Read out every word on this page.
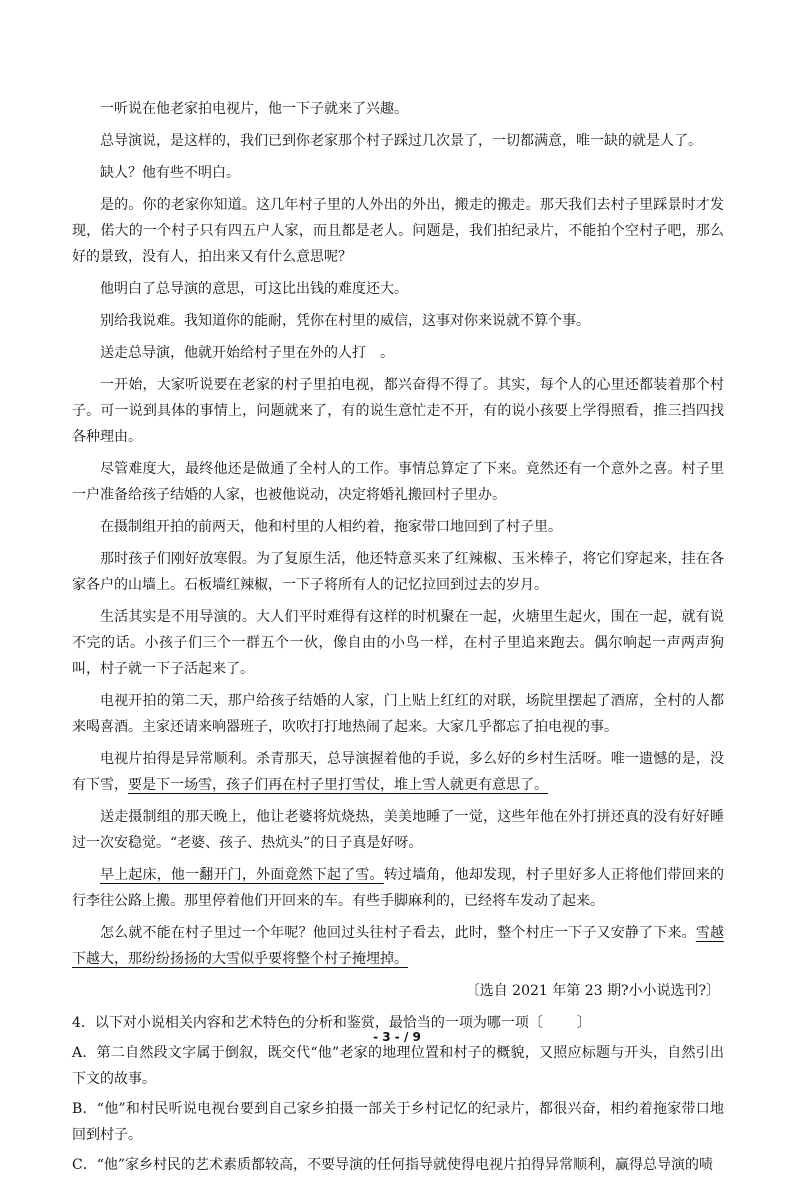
一听说在他老家拍电视片，他一下子就来了兴趣。

总导演说，是这样的，我们已到你老家那个村子踩过几次景了，一切都满意，唯一缺的就是人了。

缺人？他有些不明白。

是的。你的老家你知道。这几年村子里的人外出的外出，搬走的搬走。那天我们去村子里踩景时才发现，偌大的一个村子只有四五户人家，而且都是老人。问题是，我们拍纪录片，不能拍个空村子吧，那么好的景致，没有人，拍出来又有什么意思呢？

他明白了总导演的意思，可这比出钱的难度还大。

别给我说难。我知道你的能耐，凭你在村里的威信，这事对你来说就不算个事。

送走总导演，他就开始给村子里在外的人打　。

一开始，大家听说要在老家的村子里拍电视，都兴奋得不得了。其实，每个人的心里还都装着那个村子。可一说到具体的事情上，问题就来了，有的说生意忙走不开，有的说小孩要上学得照看，推三挡四找各种理由。

尽管难度大，最终他还是做通了全村人的工作。事情总算定了下来。竟然还有一个意外之喜。村子里一户准备给孩子结婚的人家，也被他说动，决定将婚礼搬回村子里办。

在摄制组开拍的前两天，他和村里的人相约着，拖家带口地回到了村子里。

那时孩子们刚好放寒假。为了复原生活，他还特意买来了红辣椒、玉米棒子，将它们穿起来，挂在各家各户的山墙上。石板墙红辣椒，一下子将所有人的记忆拉回到过去的岁月。

生活其实是不用导演的。大人们平时难得有这样的时机聚在一起，火塘里生起火，围在一起，就有说不完的话。小孩子们三个一群五个一伙，像自由的小鸟一样，在村子里追来跑去。偶尔响起一声两声狗叫，村子就一下子活起来了。

电视开拍的第二天，那户给孩子结婚的人家，门上贴上红红的对联，场院里摆起了酒席，全村的人都来喝喜酒。主家还请来响器班子，吹吹打打地热闹了起来。大家几乎都忘了拍电视的事。

电视片拍得是异常顺利。杀青那天，总导演握着他的手说，多么好的乡村生活呀。唯一遗憾的是，没有下雪，要是下一场雪，孩子们再在村子里打雪仗，堆上雪人就更有意思了。

送走摄制组的那天晚上，他让老婆将炕烧热，美美地睡了一觉，这些年他在外打拼还真的没有好好睡过一次安稳觉。“老婆、孩子、热炕头”的日子真是好呀。

早上起床，他一翻开门，外面竟然下起了雪。转过墙角，他却发现，村子里好多人正将他们带回来的行李往公路上搬。那里停着他们开回来的车。有些手脚麻利的，已经将车发动了起来。

怎么就不能在村子里过一个年呢？他回过头往村子看去，此时，整个村庄一下子又安静了下来。雪越下越大，那纷纷扬扬的大雪似乎要将整个村子掩埋掉。

〔选自 2021 年第 23 期?小小说选刊?〕

4．以下对小说相关内容和艺术特色的分析和鉴赏，最恰当的一项为哪一项〔 〕

A．第二自然段文字属于倒叙，既交代“他”老家的地理位置和村子的概貌，又照应标题与开头，自然引出下文的故事。

B．“他”和村民听说电视台要到自己家乡拍摄一部关于乡村记忆的纪录片，都很兴奋，相约着拖家带口地回到村子。

C．“他”家乡村民的艺术素质都较高，不要导演的任何指导就使得电视片拍得异常顺利，赢得总导演的啧

- 3 - / 9
